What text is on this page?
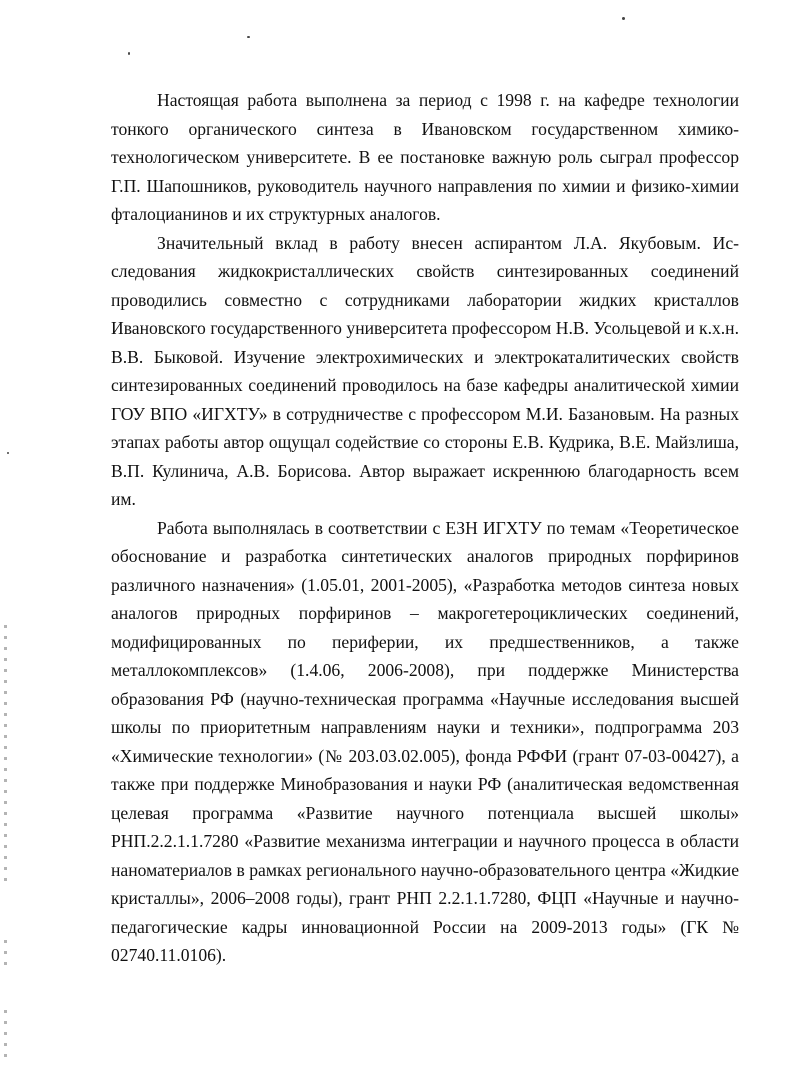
Настоящая работа выполнена за период с 1998 г. на кафедре технологии тонкого органического синтеза в Ивановском государственном химико-технологическом университете. В ее постановке важную роль сыграл профессор Г.П. Шапошников, руководитель научного направления по химии и физико-химии фталоцианинов и их структурных аналогов.

Значительный вклад в работу внесен аспирантом Л.А. Якубовым. Исследования жидкокристаллических свойств синтезированных соединений проводились совместно с сотрудниками лаборатории жидких кристаллов Ивановского государственного университета профессором Н.В. Усольцевой и к.х.н. В.В. Быковой. Изучение электрохимических и электрокаталитических свойств синтезированных соединений проводилось на базе кафедры аналитической химии ГОУ ВПО «ИГХТУ» в сотрудничестве с профессором М.И. Базановым. На разных этапах работы автор ощущал содействие со стороны Е.В. Кудрика, В.Е. Майзлиша, В.П. Кулинича, А.В. Борисова. Автор выражает искреннюю благодарность всем им.

Работа выполнялась в соответствии с ЕЗН ИГХТУ по темам «Теоретическое обоснование и разработка синтетических аналогов природных порфиринов различного назначения» (1.05.01, 2001-2005), «Разработка методов синтеза новых аналогов природных порфиринов – макрогетероциклических соединений, модифицированных по периферии, их предшественников, а также металлокомплексов» (1.4.06, 2006-2008), при поддержке Министерства образования РФ (научно-техническая программа «Научные исследования высшей школы по приоритетным направлениям науки и техники», подпрограмма 203 «Химические технологии» (№ 203.03.02.005), фонда РФФИ (грант 07-03-00427), а также при поддержке Минобразования и науки РФ (аналитическая ведомственная целевая программа «Развитие научного потенциала высшей школы» РНП.2.2.1.1.7280 «Развитие механизма интеграции и научного процесса в области наноматериалов в рамках регионального научно-образовательного центра «Жидкие кристаллы», 2006–2008 годы), грант РНП 2.2.1.1.7280, ФЦП «Научные и научно-педагогические кадры инновационной России на 2009-2013 годы» (ГК № 02740.11.0106).
